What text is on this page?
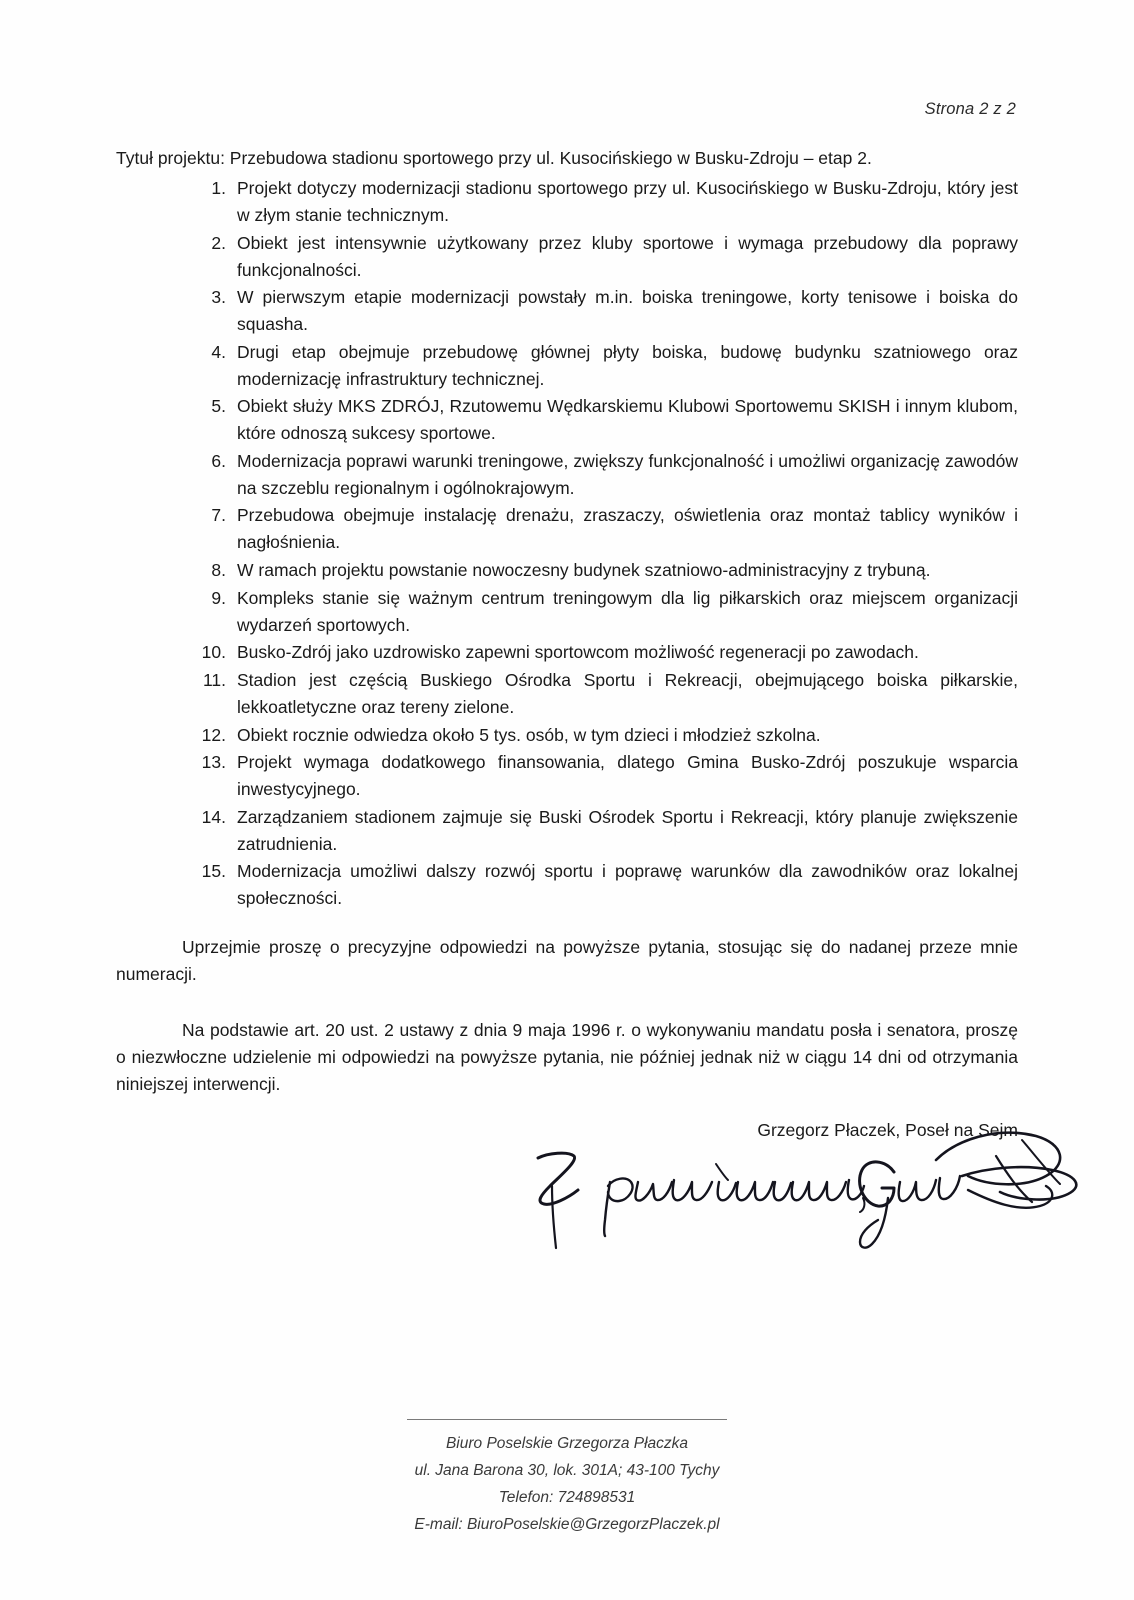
Strona 2 z 2
Tytuł projektu: Przebudowa stadionu sportowego przy ul. Kusocińskiego w Busku-Zdroju – etap 2.
1. Projekt dotyczy modernizacji stadionu sportowego przy ul. Kusocińskiego w Busku-Zdroju, który jest w złym stanie technicznym.
2. Obiekt jest intensywnie użytkowany przez kluby sportowe i wymaga przebudowy dla poprawy funkcjonalności.
3. W pierwszym etapie modernizacji powstały m.in. boiska treningowe, korty tenisowe i boiska do squasha.
4. Drugi etap obejmuje przebudowę głównej płyty boiska, budowę budynku szatniowego oraz modernizację infrastruktury technicznej.
5. Obiekt służy MKS ZDRÓJ, Rzutowemu Wędkarskiemu Klubowi Sportowemu SKISH i innym klubom, które odnoszą sukcesy sportowe.
6. Modernizacja poprawi warunki treningowe, zwiększy funkcjonalność i umożliwi organizację zawodów na szczeblu regionalnym i ogólnokrajowym.
7. Przebudowa obejmuje instalację drenażu, zraszaczy, oświetlenia oraz montaż tablicy wyników i nagłośnienia.
8. W ramach projektu powstanie nowoczesny budynek szatniowo-administracyjny z trybuną.
9. Kompleks stanie się ważnym centrum treningowym dla lig piłkarskich oraz miejscem organizacji wydarzeń sportowych.
10. Busko-Zdrój jako uzdrowisko zapewni sportowcom możliwość regeneracji po zawodach.
11. Stadion jest częścią Buskiego Ośrodka Sportu i Rekreacji, obejmującego boiska piłkarskie, lekkoatletyczne oraz tereny zielone.
12. Obiekt rocznie odwiedza około 5 tys. osób, w tym dzieci i młodzież szkolna.
13. Projekt wymaga dodatkowego finansowania, dlatego Gmina Busko-Zdrój poszukuje wsparcia inwestycyjnego.
14. Zarządzaniem stadionem zajmuje się Buski Ośrodek Sportu i Rekreacji, który planuje zwiększenie zatrudnienia.
15. Modernizacja umożliwi dalszy rozwój sportu i poprawę warunków dla zawodników oraz lokalnej społeczności.
Uprzejmie proszę o precyzyjne odpowiedzi na powyższe pytania, stosując się do nadanej przeze mnie numeracji.
Na podstawie art. 20 ust. 2 ustawy z dnia 9 maja 1996 r. o wykonywaniu mandatu posła i senatora, proszę o niezwłoczne udzielenie mi odpowiedzi na powyższe pytania, nie później jednak niż w ciągu 14 dni od otrzymania niniejszej interwencji.
Grzegorz Płaczek, Poseł na Sejm
Biuro Poselskie Grzegorza Płaczka
ul. Jana Barona 30, lok. 301A; 43-100 Tychy
Telefon: 724898531
E-mail: BiuroPoselskie@GrzegorzPlaczek.pl
